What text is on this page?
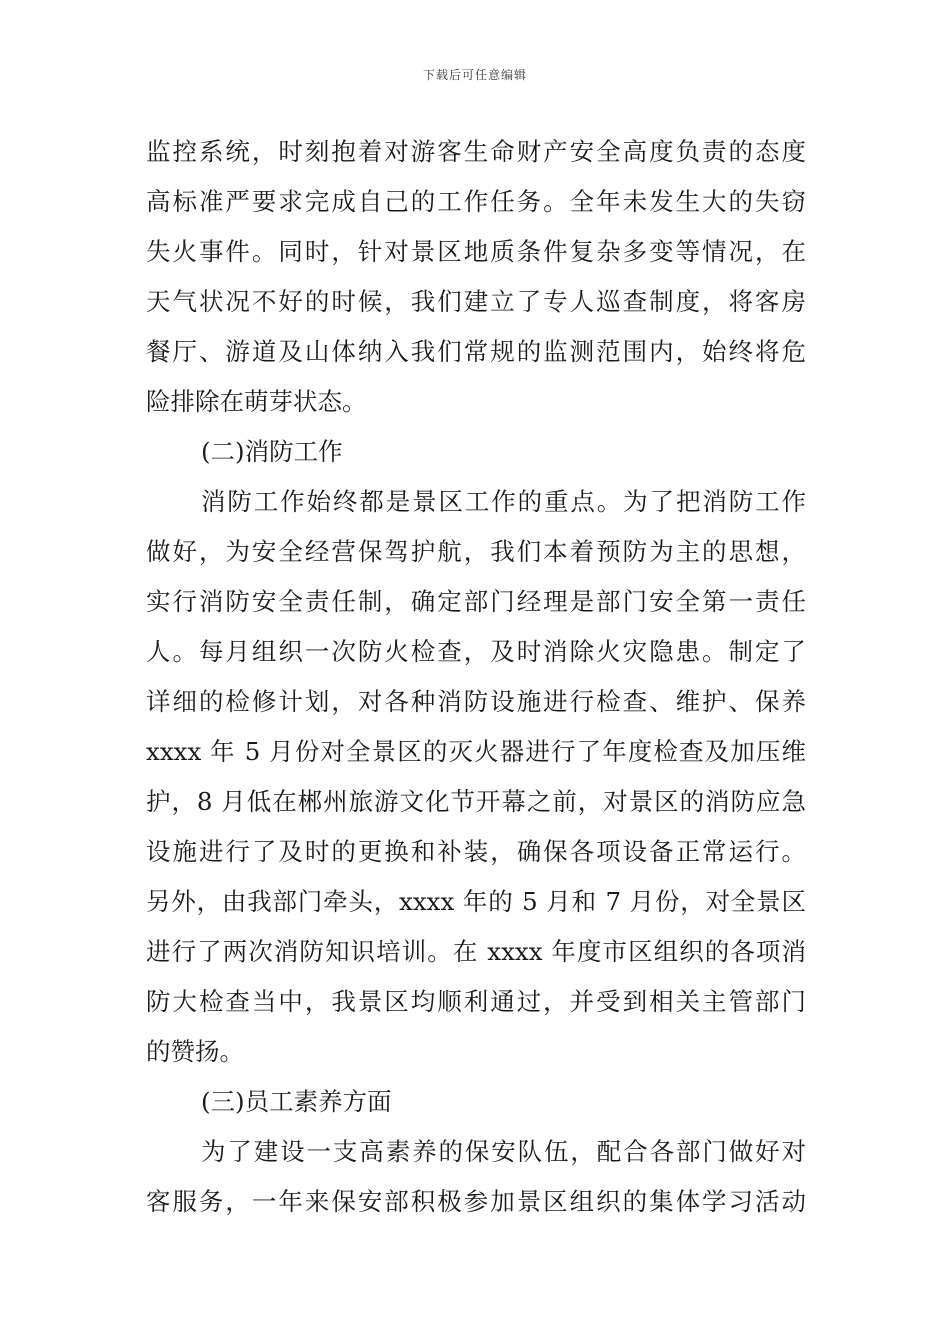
下载后可任意编辑
监控系统，时刻抱着对游客生命财产安全高度负责的态度
高标准严要求完成自己的工作任务。全年未发生大的失窃
失火事件。同时，针对景区地质条件复杂多变等情况，在
天气状况不好的时候，我们建立了专人巡查制度，将客房
餐厅、游道及山体纳入我们常规的监测范围内，始终将危
险排除在萌芽状态。
(二)消防工作
消防工作始终都是景区工作的重点。为了把消防工作
做好，为安全经营保驾护航，我们本着预防为主的思想，
实行消防安全责任制，确定部门经理是部门安全第一责任
人。每月组织一次防火检查，及时消除火灾隐患。制定了
详细的检修计划，对各种消防设施进行检查、维护、保养
xxxx 年 5 月份对全景区的灭火器进行了年度检查及加压维
护，8 月低在郴州旅游文化节开幕之前，对景区的消防应急
设施进行了及时的更换和补装，确保各项设备正常运行。
另外，由我部门牵头，xxxx 年的 5 月和 7 月份，对全景区
进行了两次消防知识培训。在 xxxx 年度市区组织的各项消
防大检查当中，我景区均顺利通过，并受到相关主管部门
的赞扬。
(三)员工素养方面
为了建设一支高素养的保安队伍，配合各部门做好对
客服务，一年来保安部积极参加景区组织的集体学习活动
